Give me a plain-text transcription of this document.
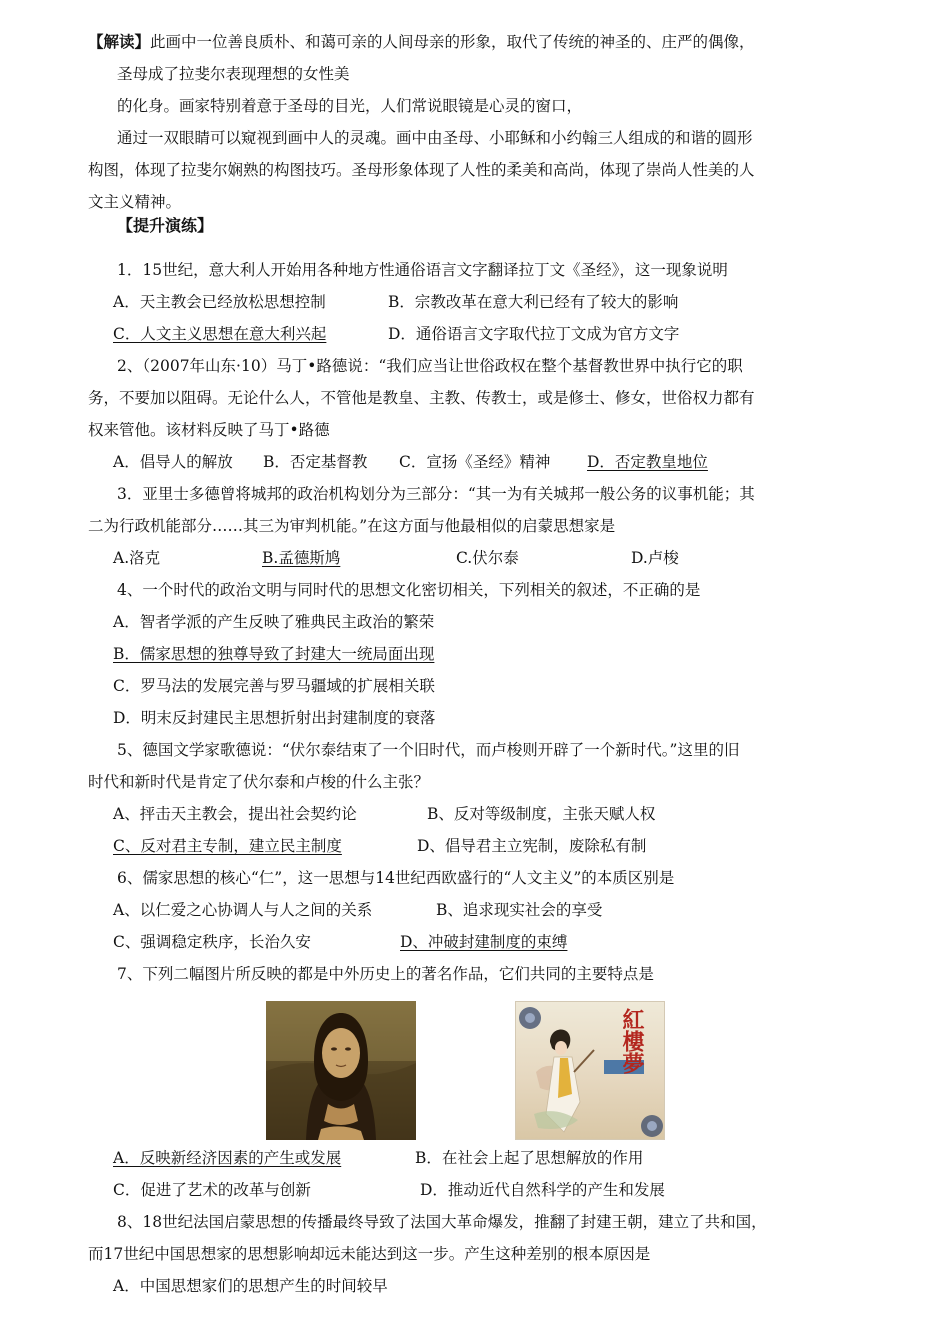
【解读】此画中一位善良质朴、和蔼可亲的人间母亲的形象，取代了传统的神圣的、庄严的偶像，
圣母成了拉斐尔表现理想的女性美
的化身。画家特别着意于圣母的目光，人们常说眼镜是心灵的窗口，
通过一双眼睛可以窥视到画中人的灵魂。画中由圣母、小耶稣和小约翰三人组成的和谐的圆形
构图，体现了拉斐尔娴熟的构图技巧。圣母形象体现了人性的柔美和高尚，体现了崇尚人性美的人
文主义精神。
【提升演练】
1．15世纪，意大利人开始用各种地方性通俗语言文字翻译拉丁文《圣经》，这一现象说明
A．天主教会已经放松思想控制	B．宗教改革在意大利已经有了较大的影响
C．人文主义思想在意大利兴起	D．通俗语言文字取代拉丁文成为官方文字
2、（2007年山东·10）马丁•路德说：“我们应当让世俗政权在整个基督教世界中执行它的职
务，不要加以阻碍。无论什么人，不管他是教皇、主教、传教士，或是修士、修女，世俗权力都有
权来管他。该材料反映了马丁•路德
A．倡导人的解放 B．否定基督教 C．宣扬《圣经》精神 D．否定教皇地位
3．亚里士多德曾将城邦的政治机构划分为三部分：“其一为有关城邦一般公务的议事机能；其
二为行政机能部分……其三为审判机能。”在这方面与他最相似的启蒙思想家是
A.洛克	B.孟德斯鸠	C.伏尔泰	D.卢梭
4、一个时代的政治文明与同时代的思想文化密切相关，下列相关的叙述，不正确的是
A．智者学派的产生反映了雅典民主政治的繁荣
B．儒家思想的独尊导致了封建大一统局面出现
C．罗马法的发展完善与罗马疆域的扩展相关联
D．明末反封建民主思想折射出封建制度的衰落
5、德国文学家歌德说：“伏尔泰结束了一个旧时代，而卢梭则开辟了一个新时代。”这里的旧
时代和新时代是肯定了伏尔泰和卢梭的什么主张？
A、抨击天主教会，提出社会契约论	B、反对等级制度，主张天赋人权
C、反对君主专制，建立民主制度	D、倡导君主立宪制，废除私有制
6、儒家思想的核心“仁”，这一思想与14世纪西欧盛行的“人文主义”的本质区别是
A、以仁爱之心协调人与人之间的关系	B、追求现实社会的享受
C、强调稳定秩序，长治久安	D、冲破封建制度的束缚
7、下列二幅图片所反映的都是中外历史上的著名作品，它们共同的主要特点是
紅樓夢
A．反映新经济因素的产生或发展	B．在社会上起了思想解放的作用
C．促进了艺术的改革与创新	D．推动近代自然科学的产生和发展
8、18世纪法国启蒙思想的传播最终导致了法国大革命爆发，推翻了封建王朝，建立了共和国，
而17世纪中国思想家的思想影响却远未能达到这一步。产生这种差别的根本原因是
A．中国思想家们的思想产生的时间较早
